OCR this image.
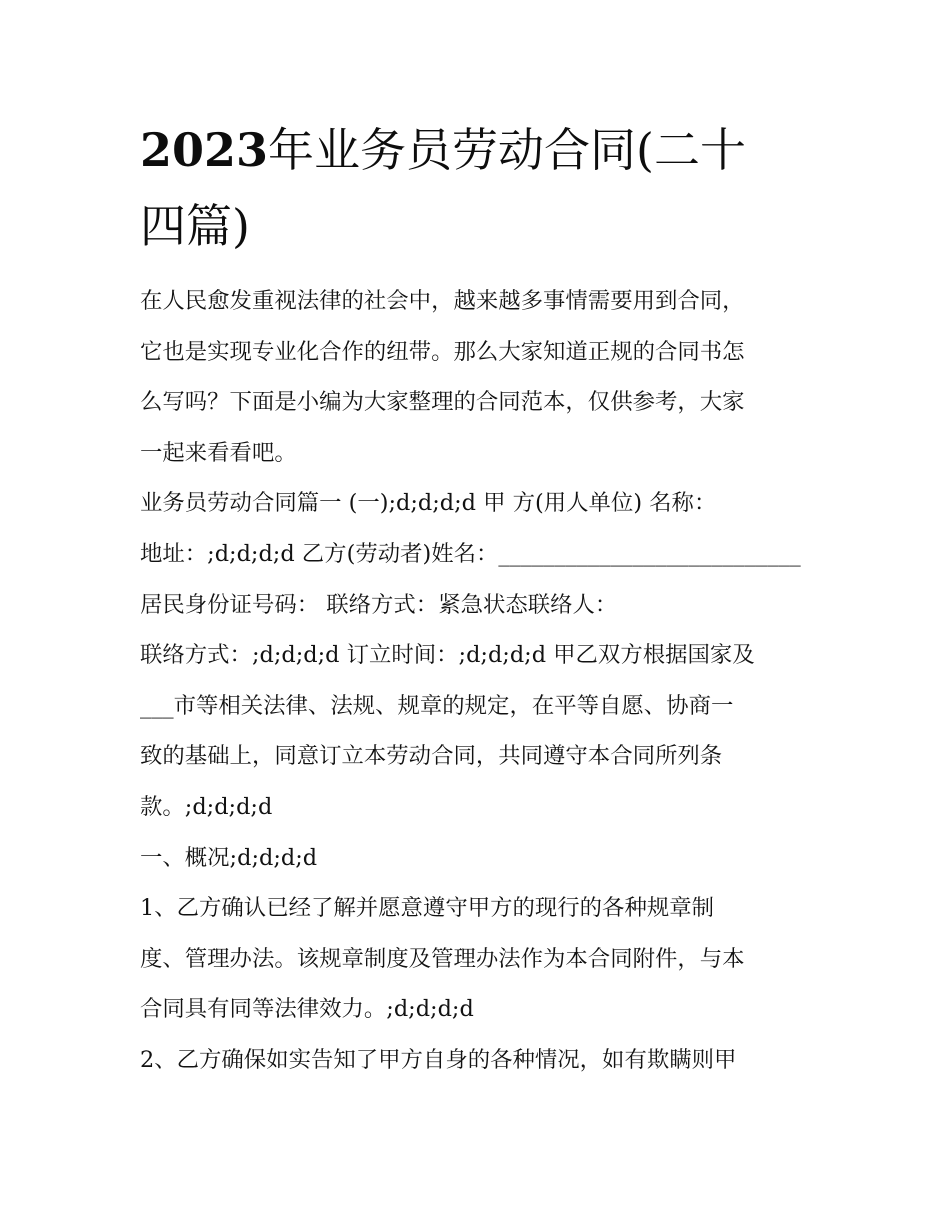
2023年业务员劳动合同(二十
四篇)
在人民愈发重视法律的社会中，越来越多事情需要用到合同，
它也是实现专业化合作的纽带。那么大家知道正规的合同书怎
么写吗？下面是小编为大家整理的合同范本，仅供参考，大家
一起来看看吧。
业务员劳动合同篇一 (一);d;d;d;d 甲 方(用人单位) 名称：
地址：;d;d;d;d 乙方(劳动者)姓名：___________________________
居民身份证号码： 联络方式：紧急状态联络人：
联络方式：;d;d;d;d 订立时间：;d;d;d;d 甲乙双方根据国家及
___市等相关法律、法规、规章的规定，在平等自愿、协商一
致的基础上，同意订立本劳动合同，共同遵守本合同所列条
款。;d;d;d;d
一、概况;d;d;d;d
1、乙方确认已经了解并愿意遵守甲方的现行的各种规章制
度、管理办法。该规章制度及管理办法作为本合同附件，与本
合同具有同等法律效力。;d;d;d;d
2、乙方确保如实告知了甲方自身的各种情况，如有欺瞒则甲
